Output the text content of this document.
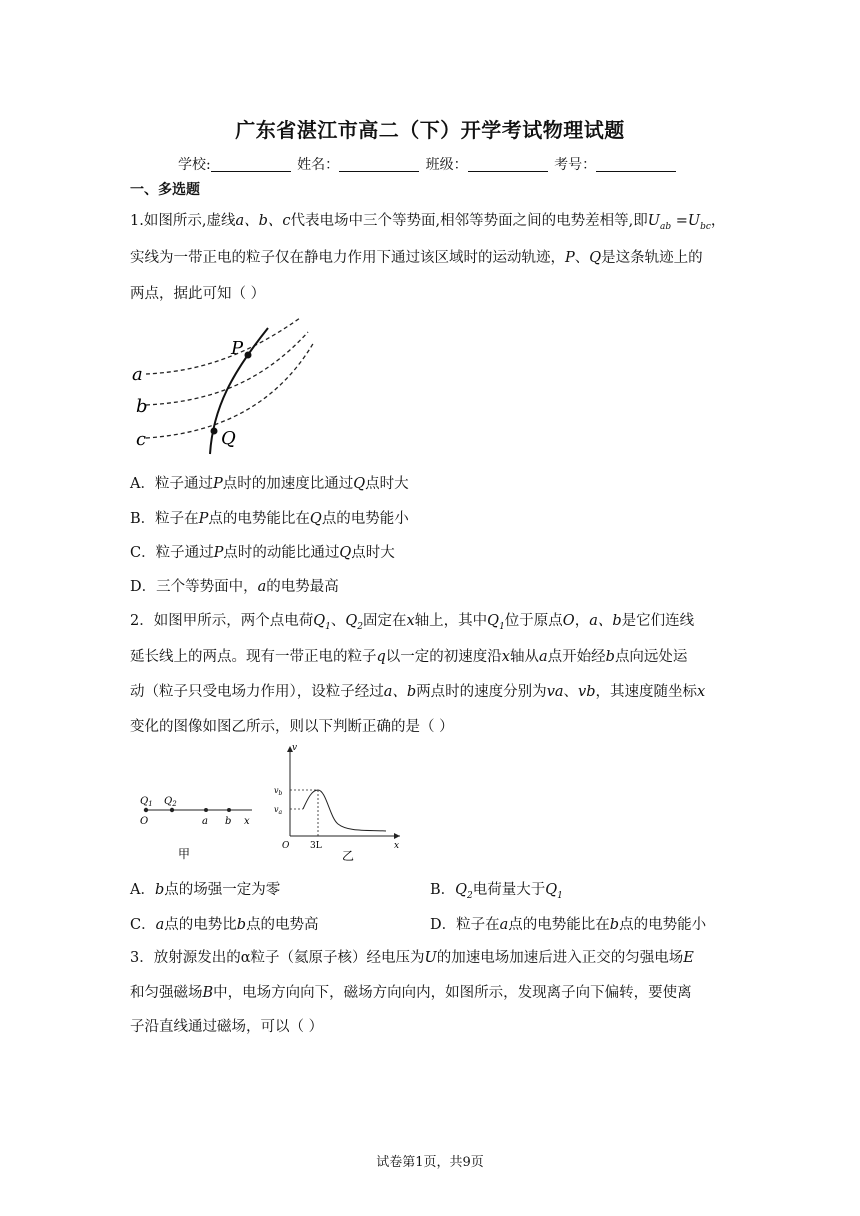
广东省湛江市高二（下）开学考试物理试题
学校:	姓名：	班级：	考号：
一、多选题
1.如图所示,虚线a、b、c代表电场中三个等势面,相邻等势面之间的电势差相等,即$U_{ab} =U_{bc}$，
实线为一带正电的粒子仅在静电力作用下通过该区域时的运动轨迹，P、Q是这条轨迹上的
两点，据此可知（ ）
a
b
c
P
Q
A．粒子通过P点时的加速度比通过Q点时大
B．粒子在P点的电势能比在Q点的电势能小
C．粒子通过P点时的动能比通过Q点时大
D．三个等势面中，a的电势最高
2．如图甲所示，两个点电荷$Q_1$、$Q_2$固定在x轴上，其中$Q_1$位于原点O，a、b是它们连线
延长线上的两点。现有一带正电的粒子q以一定的初速度沿x轴从a点开始经b点向远处运
动（粒子只受电场力作用），设粒子经过a、b两点时的速度分别为va、vb，其速度随坐标x
变化的图像如图乙所示，则以下判断正确的是（ ）
$Q_1$ $Q_2$
O	a b x
甲
v
$v_b$
$v_a$
O 3L	x
乙
A．b点的场强一定为零	B．$Q_2$电荷量大于$Q_1$
C．a点的电势比b点的电势高	D．粒子在a点的电势能比在b点的电势能小
3．放射源发出的α粒子（氦原子核）经电压为U的加速电场加速后进入正交的匀强电场E
和匀强磁场B中，电场方向向下，磁场方向向内，如图所示，发现离子向下偏转，要使离
子沿直线通过磁场，可以（ ）
试卷第1页，共9页
